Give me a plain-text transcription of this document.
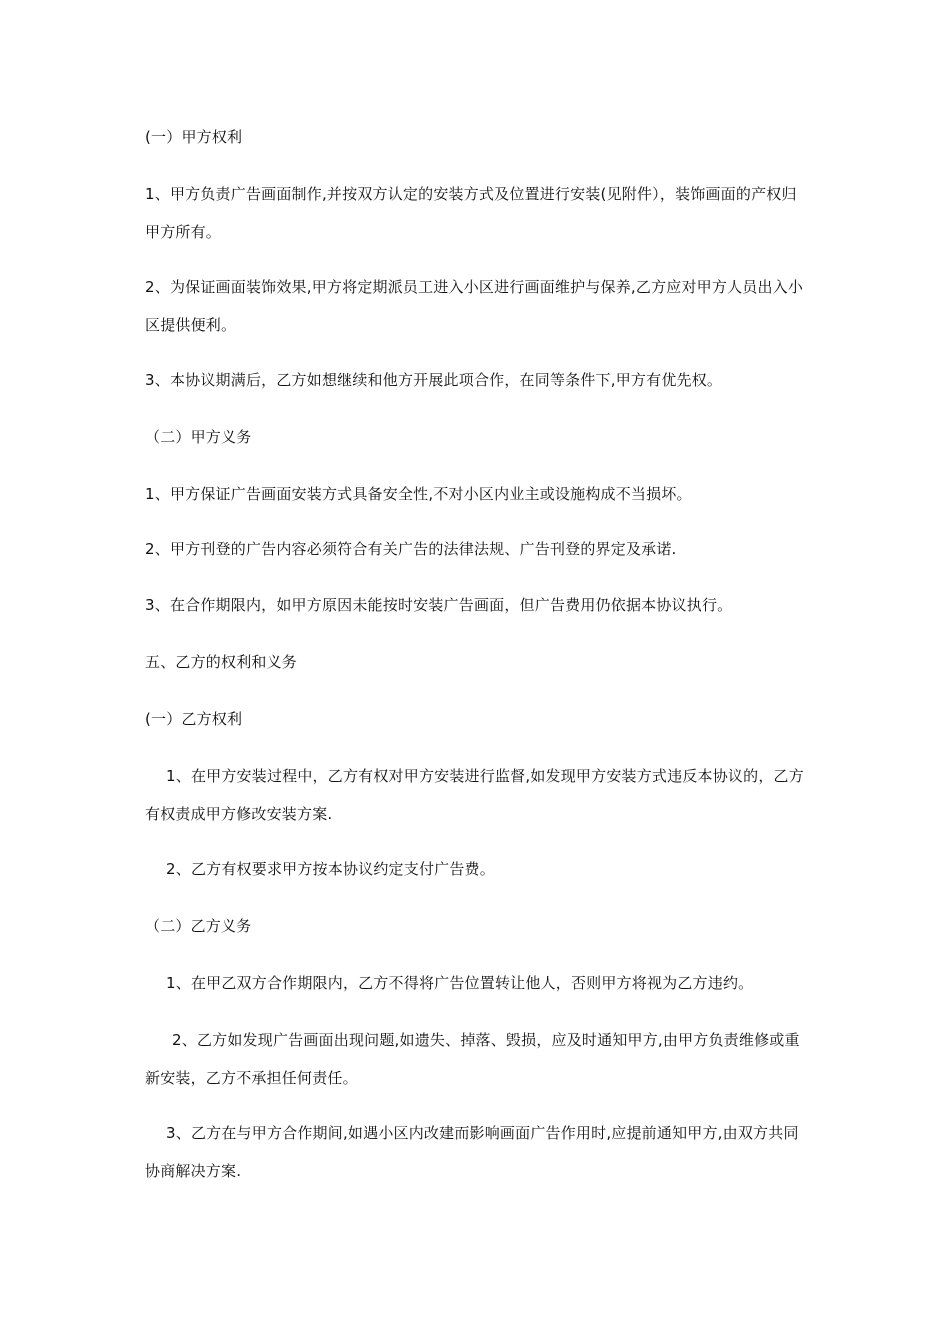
(一）甲方权利

1、甲方负责广告画面制作,并按双方认定的安装方式及位置进行安装(见附件），装饰画面的产权归甲方所有。

2、为保证画面装饰效果,甲方将定期派员工进入小区进行画面维护与保养,乙方应对甲方人员出入小区提供便利。

3、本协议期满后，乙方如想继续和他方开展此项合作，在同等条件下,甲方有优先权。

（二）甲方义务

1、甲方保证广告画面安装方式具备安全性,不对小区内业主或设施构成不当损坏。

2、甲方刊登的广告内容必须符合有关广告的法律法规、广告刊登的界定及承诺.

3、在合作期限内，如甲方原因未能按时安装广告画面，但广告费用仍依据本协议执行。

五、乙方的权利和义务

(一）乙方权利

1、在甲方安装过程中，乙方有权对甲方安装进行监督,如发现甲方安装方式违反本协议的，乙方有权责成甲方修改安装方案.

2、乙方有权要求甲方按本协议约定支付广告费。

（二）乙方义务

1、在甲乙双方合作期限内，乙方不得将广告位置转让他人，否则甲方将视为乙方违约。

2、乙方如发现广告画面出现问题,如遗失、掉落、毁损，应及时通知甲方,由甲方负责维修或重新安装，乙方不承担任何责任。

3、乙方在与甲方合作期间,如遇小区内改建而影响画面广告作用时,应提前通知甲方,由双方共同协商解决方案.
